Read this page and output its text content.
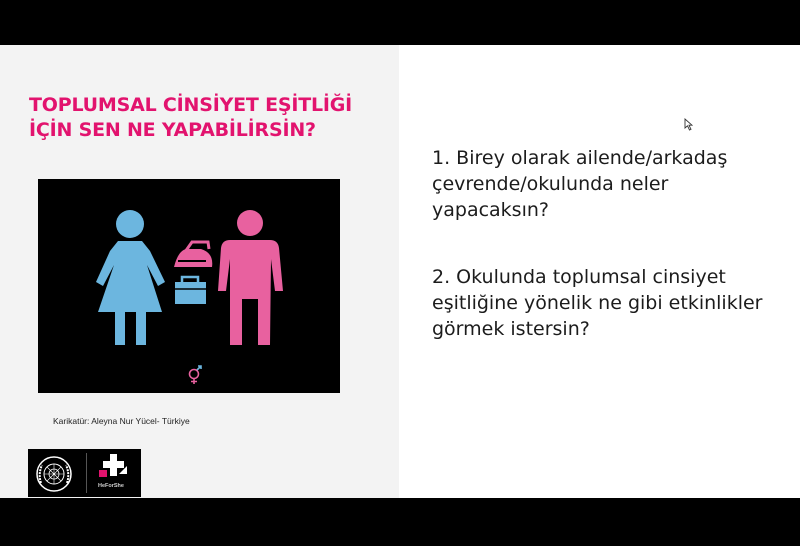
TOPLUMSAL CİNSİYET EŞİTLİĞİ İÇİN SEN NE YAPABİLİRSİN?
Karikatür: Aleyna Nur Yücel- Türkiye
HeForShe

1. Birey olarak ailende/arkadaş çevrende/okulunda neler yapacaksın?

2. Okulunda toplumsal cinsiyet eşitliğine yönelik ne gibi etkinlikler görmek istersin?
